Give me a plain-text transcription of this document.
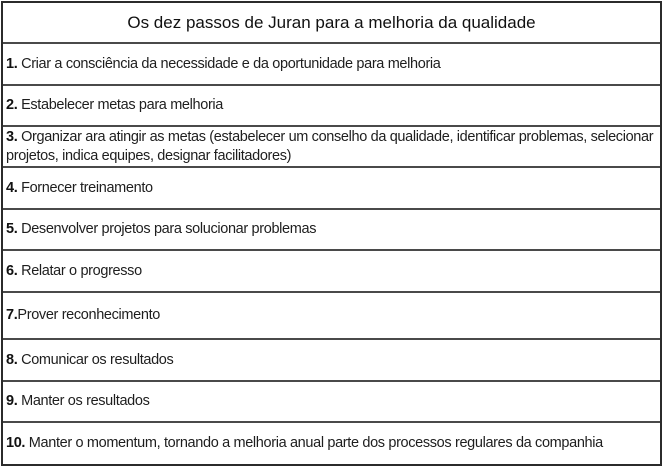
Os dez passos de Juran para a melhoria da qualidade
1. Criar a consciência da necessidade e da oportunidade para melhoria
2. Estabelecer metas para melhoria
3. Organizar ara atingir as metas (estabelecer um conselho da qualidade, identificar problemas, selecionar projetos, indica equipes, designar facilitadores)
4. Fornecer treinamento
5. Desenvolver projetos para solucionar problemas
6. Relatar o progresso
7.Prover reconhecimento
8. Comunicar os resultados
9. Manter os resultados
10. Manter o momentum, tornando a melhoria anual parte dos processos regulares da companhia
